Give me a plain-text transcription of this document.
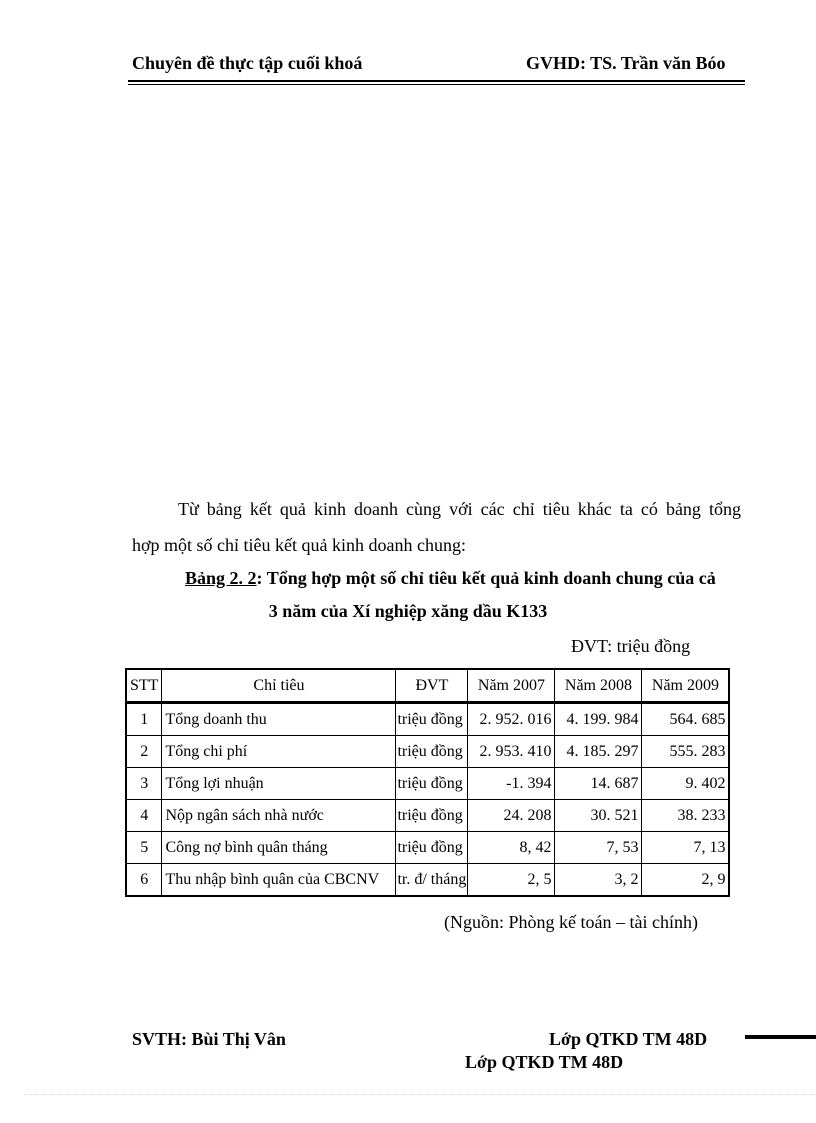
Chuyên đề thực tập cuối khoá	GVHD: TS. Trần văn Bóo
Từ bảng kết quả kinh doanh cùng với các chỉ tiêu khác ta có bảng tổng
hợp một số chỉ tiêu kết quả kinh doanh chung:
Bảng 2. 2: Tổng hợp một số chỉ tiêu kết quả kinh doanh chung của cả
3 năm của Xí nghiệp xăng dầu K133
ĐVT: triệu đồng
STT	Chỉ tiêu	ĐVT	Năm 2007	Năm 2008	Năm 2009
1	Tổng doanh thu	triệu đồng	2. 952. 016	4. 199. 984	564. 685
2	Tổng chi phí	triệu đồng	2. 953. 410	4. 185. 297	555. 283
3	Tổng lợi nhuận	triệu đồng	-1. 394	14. 687	9. 402
4	Nộp ngân sách nhà nước	triệu đồng	24. 208	30. 521	38. 233
5	Công nợ bình quân tháng	triệu đồng	8, 42	7, 53	7, 13
6	Thu nhập bình quân của CBCNV	tr. đ/ tháng	2, 5	3, 2	2, 9
(Nguồn: Phòng kế toán – tài chính)
SVTH: Bùi Thị Vân	Lớp QTKD TM 48D
Lớp QTKD TM 48D
